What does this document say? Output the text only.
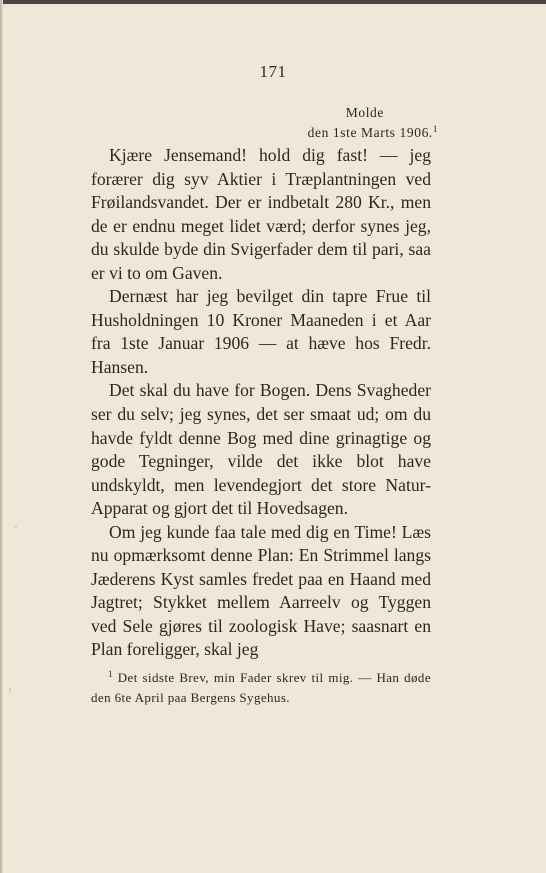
171
Molde
den 1ste Marts 1906.$^1$

Kjære Jensemand! hold dig fast! — jeg forærer dig syv Aktier i Træplantningen ved Frøilandsvandet. Der er indbetalt 280 Kr., men de er endnu meget lidet værd; derfor synes jeg, du skulde byde din Svigerfader dem til pari, saa er vi to om Gaven.

Dernæst har jeg bevilget din tapre Frue til Husholdningen 10 Kroner Maaneden i et Aar fra 1ste Januar 1906 — at hæve hos Fredr. Hansen.

Det skal du have for Bogen. Dens Svagheder ser du selv; jeg synes, det ser smaat ud; om du havde fyldt denne Bog med dine grinagtige og gode Tegninger, vilde det ikke blot have undskyldt, men levendegjort det store Natur-Apparat og gjort det til Hovedsagen.

Om jeg kunde faa tale med dig en Time! Læs nu opmærksomt denne Plan: En Strimmel langs Jæderens Kyst samles fredet paa en Haand med Jagtret; Stykket mellem Aarreelv og Tyggen ved Sele gjøres til zoologisk Have; saasnart en Plan foreligger, skal jeg

$^1$ Det sidste Brev, min Fader skrev til mig. — Han døde den 6te April paa Bergens Sygehus.
